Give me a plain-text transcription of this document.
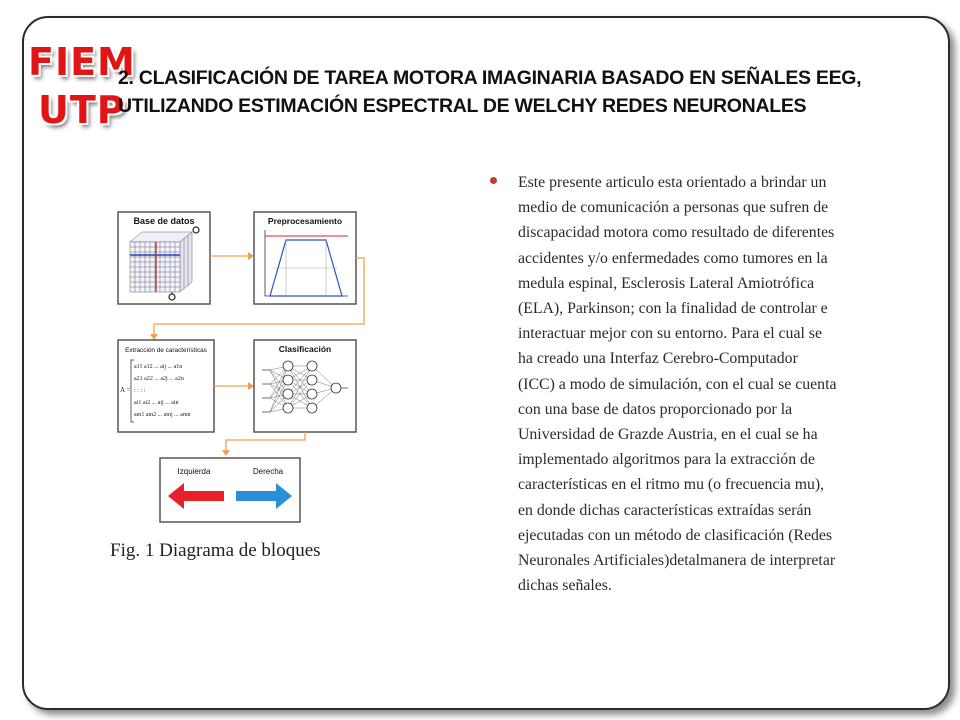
FIEM
UTP
2. CLASIFICACIÓN DE TAREA MOTORA IMAGINARIA BASADO EN SEÑALES EEG,
UTILIZANDO ESTIMACIÓN ESPECTRAL DE WELCHY REDES NEURONALES
Base de datos	Preprocesamiento
Extracción de características
A =
a11 a12 ... aij ... a1n
a21 a22 ... a2j ... a2n
: : : :
ai1 ai2 ... aij ... ain
am1 am2 ... amj ... amn
Clasificación
Izquierda	Derecha
Fig. 1 Diagrama de bloques
Este presente articulo esta orientado a brindar un
medio de comunicación a personas que sufren de
discapacidad motora como resultado de diferentes
accidentes y/o enfermedades como tumores en la
medula espinal, Esclerosis Lateral Amiotrófica
(ELA), Parkinson; con la finalidad de controlar e
interactuar mejor con su entorno. Para el cual se
ha creado una Interfaz Cerebro-Computador
(ICC) a modo de simulación, con el cual se cuenta
con una base de datos proporcionado por la
Universidad de Grazde Austria, en el cual se ha
implementado algoritmos para la extracción de
características en el ritmo mu (o frecuencia mu),
en donde dichas características extraídas serán
ejecutadas con un método de clasificación (Redes
Neuronales Artificiales)detalmanera de interpretar
dichas señales.
